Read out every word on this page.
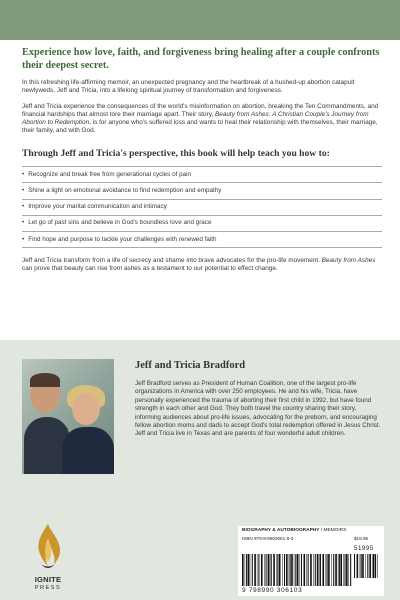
Experience how love, faith, and forgiveness bring healing after a couple confronts their deepest secret.

In this refreshing life-affirming memoir, an unexpected pregnancy and the heartbreak of a hushed-up abortion catapult newlyweds, Jeff and Tricia, into a lifelong spiritual journey of transformation and forgiveness.

Jeff and Tricia experience the consequences of the world's misinformation on abortion, breaking the Ten Commandments, and financial hardships that almost tore their marriage apart. Their story, Beauty from Ashes: A Christian Couple's Journey from Abortion to Redemption, is for anyone who's suffered loss and wants to heal their relationship with themselves, their marriage, their family, and with God.

Through Jeff and Tricia's perspective, this book will help teach you how to:

• Recognize and break free from generational cycles of pain
• Shine a light on emotional avoidance to find redemption and empathy
• Improve your marital communication and intimacy
• Let go of past sins and believe in God's boundless love and grace
• Find hope and purpose to tackle your challenges with renewed faith

Jeff and Tricia transform from a life of secrecy and shame into brave advocates for the pro-life movement. Beauty from Ashes can prove that beauty can rise from ashes as a testament to our potential to effect change.

Jeff and Tricia Bradford

Jeff Bradford serves as President of Human Coalition, one of the largest pro-life organizations in America with over 250 employees. He and his wife, Tricia, have personally experienced the trauma of aborting their first child in 1992, but have found strength in each other and God. They both travel the country sharing their story, informing audiences about pro-life issues, advocating for the preborn, and encouraging fellow abortion moms and dads to accept God's total redemption offered in Jesus Christ. Jeff and Tricia live in Texas and are parents of four wonderful adult children.

IGNITE
PRESS
BIOGRAPHY & AUTOBIOGRAPHY / MEMOIRS
ISBN 979-8-9903061-0-3	$19.95
51995
9 798990 306103
